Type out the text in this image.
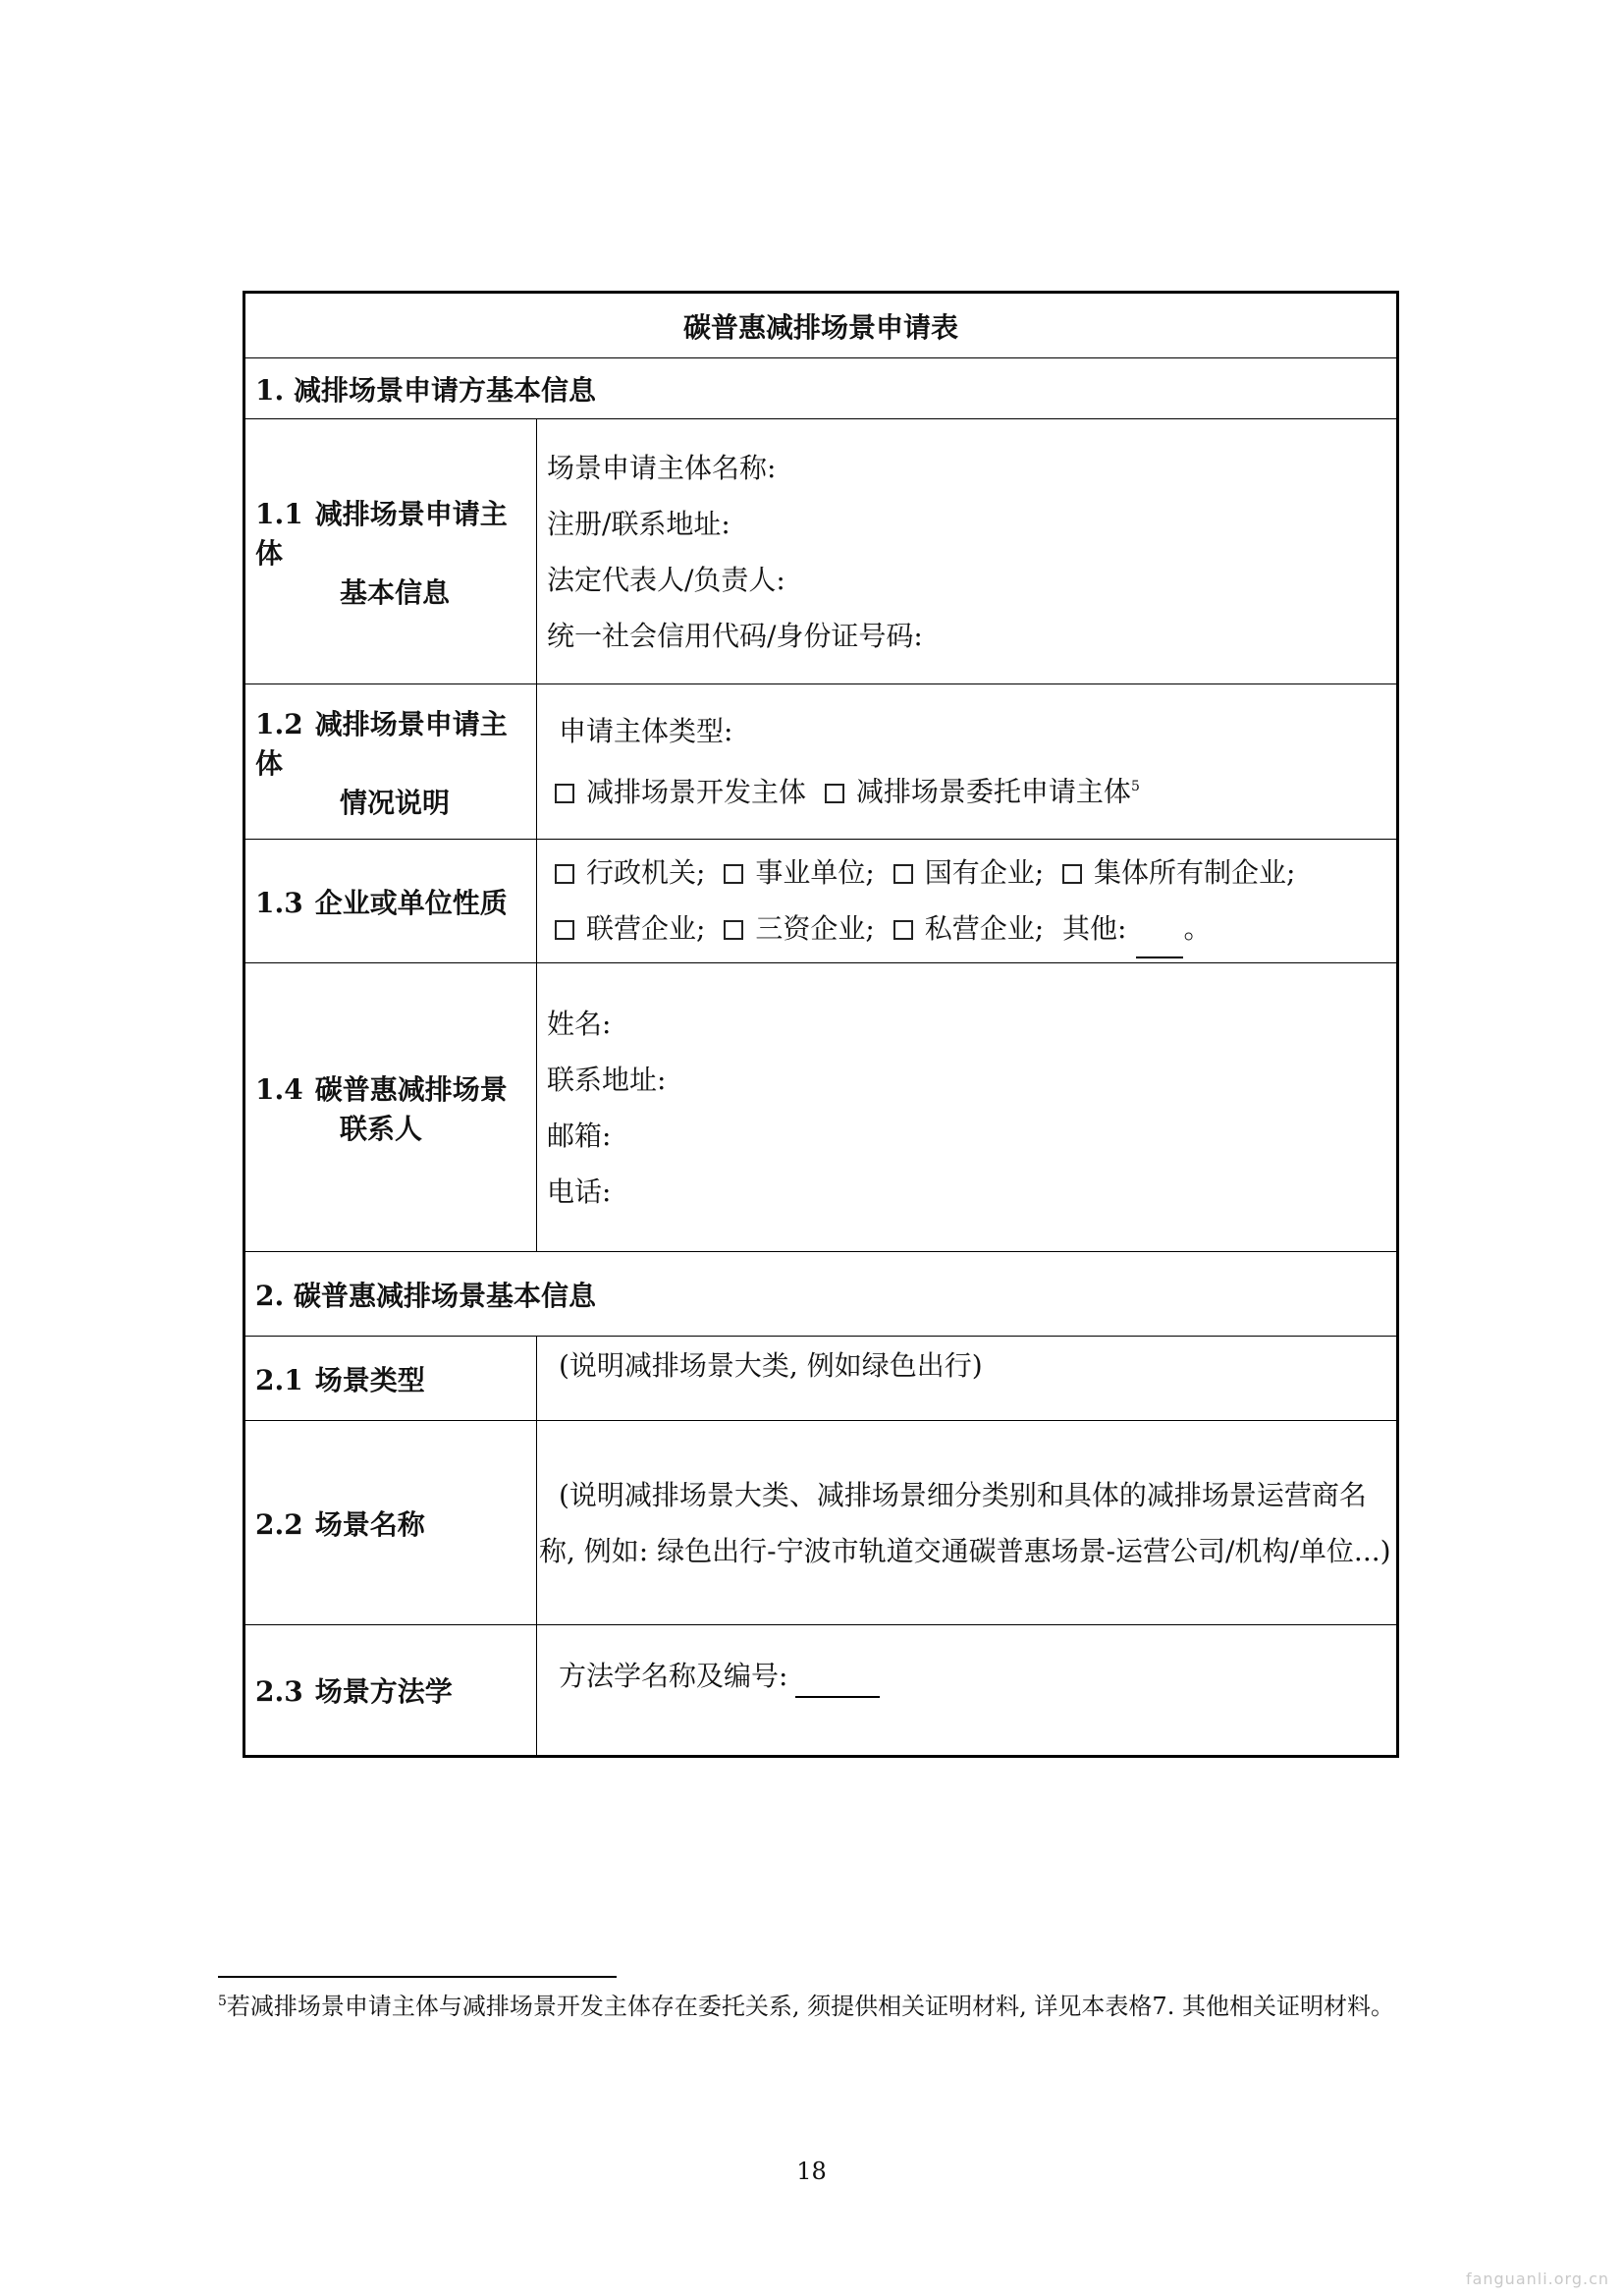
碳普惠减排场景申请表	
1. 减排场景申请方基本信息	

1.1 减排场景申请主体
基本信息	场景申请主体名称:
注册/联系地址:
法定代表人/负责人:
统一社会信用代码/身份证号码:

1.2 减排场景申请主体
情况说明	申请主体类型:
减排场景开发主体 减排场景委托申请主体$^5$

1.3 企业或单位性质	行政机关; 事业单位; 国有企业; 集体所有制企业;
联营企业; 三资企业; 私营企业; 其他: 。

1.4 碳普惠减排场景
联系人	姓名:
联系地址:
邮箱:
电话:

2. 碳普惠减排场景基本信息	
2.1 场景类型	(说明减排场景大类, 例如绿色出行)

2.2 场景名称	(说明减排场景大类、减排场景细分类别和具体的减排场景运营商名称, 例如: 绿色出行-宁波市轨道交通碳普惠场景-运营公司/机构/单位...)

2.3 场景方法学	方法学名称及编号:
$^5$若减排场景申请主体与减排场景开发主体存在委托关系, 须提供相关证明材料, 详见本表格7. 其他相关证明材料。
18
fanguanli.org.cn
